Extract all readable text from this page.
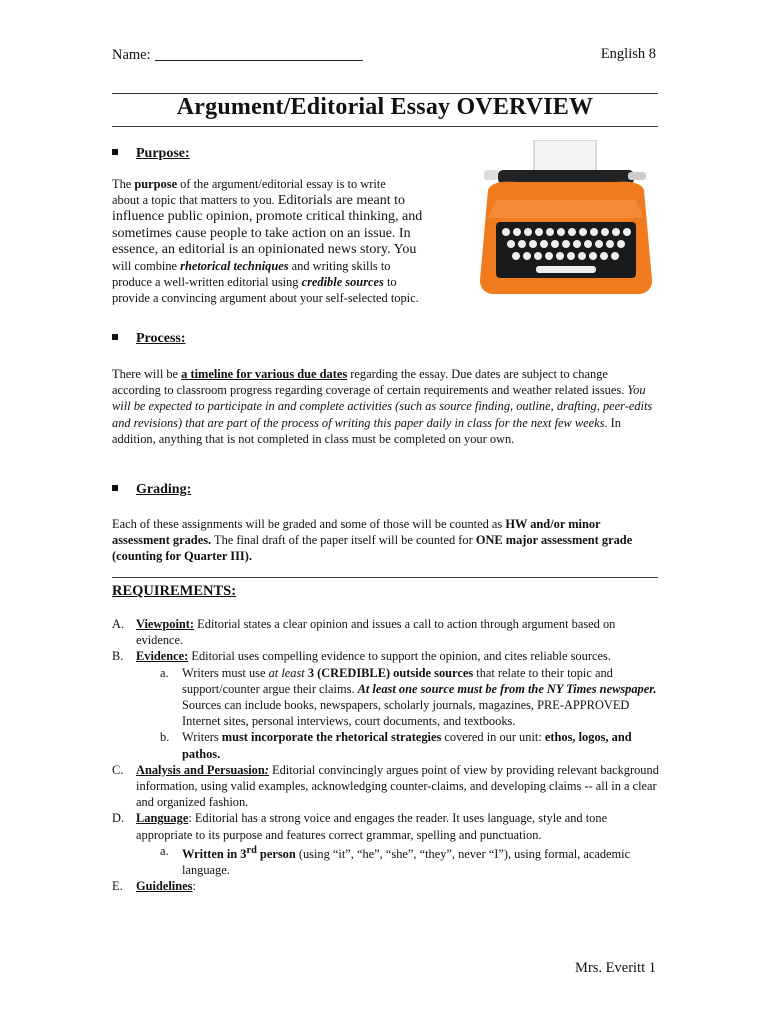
Name:	English 8
Argument/Editorial Essay OVERVIEW
Purpose:
The purpose of the argument/editorial essay is to write
about a topic that matters to you. Editorials are meant to
influence public opinion, promote critical thinking, and
sometimes cause people to take action on an issue. In
essence, an editorial is an opinionated news story. You
will combine rhetorical techniques and writing skills to
produce a well-written editorial using credible sources to
provide a convincing argument about your self-selected topic.
Process:
There will be a timeline for various due dates regarding the essay. Due dates are subject to change according to classroom progress regarding coverage of certain requirements and weather related issues. You will be expected to participate in and complete activities (such as source finding, outline, drafting, peer-edits and revisions) that are part of the process of writing this paper daily in class for the next few weeks. In addition, anything that is not completed in class must be completed on your own.
Grading:
Each of these assignments will be graded and some of those will be counted as HW and/or minor assessment grades. The final draft of the paper itself will be counted for ONE major assessment grade (counting for Quarter III).
REQUIREMENTS:
A. Viewpoint: Editorial states a clear opinion and issues a call to action through argument based on evidence.
B. Evidence: Editorial uses compelling evidence to support the opinion, and cites reliable sources.
a. Writers must use at least 3 (CREDIBLE) outside sources that relate to their topic and support/counter argue their claims. At least one source must be from the NY Times newspaper. Sources can include books, newspapers, scholarly journals, magazines, PRE-APPROVED Internet sites, personal interviews, court documents, and textbooks.
b. Writers must incorporate the rhetorical strategies covered in our unit: ethos, logos, and pathos.
C. Analysis and Persuasion: Editorial convincingly argues point of view by providing relevant background information, using valid examples, acknowledging counter-claims, and developing claims -- all in a clear and organized fashion.
D. Language: Editorial has a strong voice and engages the reader. It uses language, style and tone appropriate to its purpose and features correct grammar, spelling and punctuation.
a. Written in 3rd person (using “it”, “he”, “she”, “they”, never “I”), using formal, academic language.
E. Guidelines:
Mrs. Everitt 1
